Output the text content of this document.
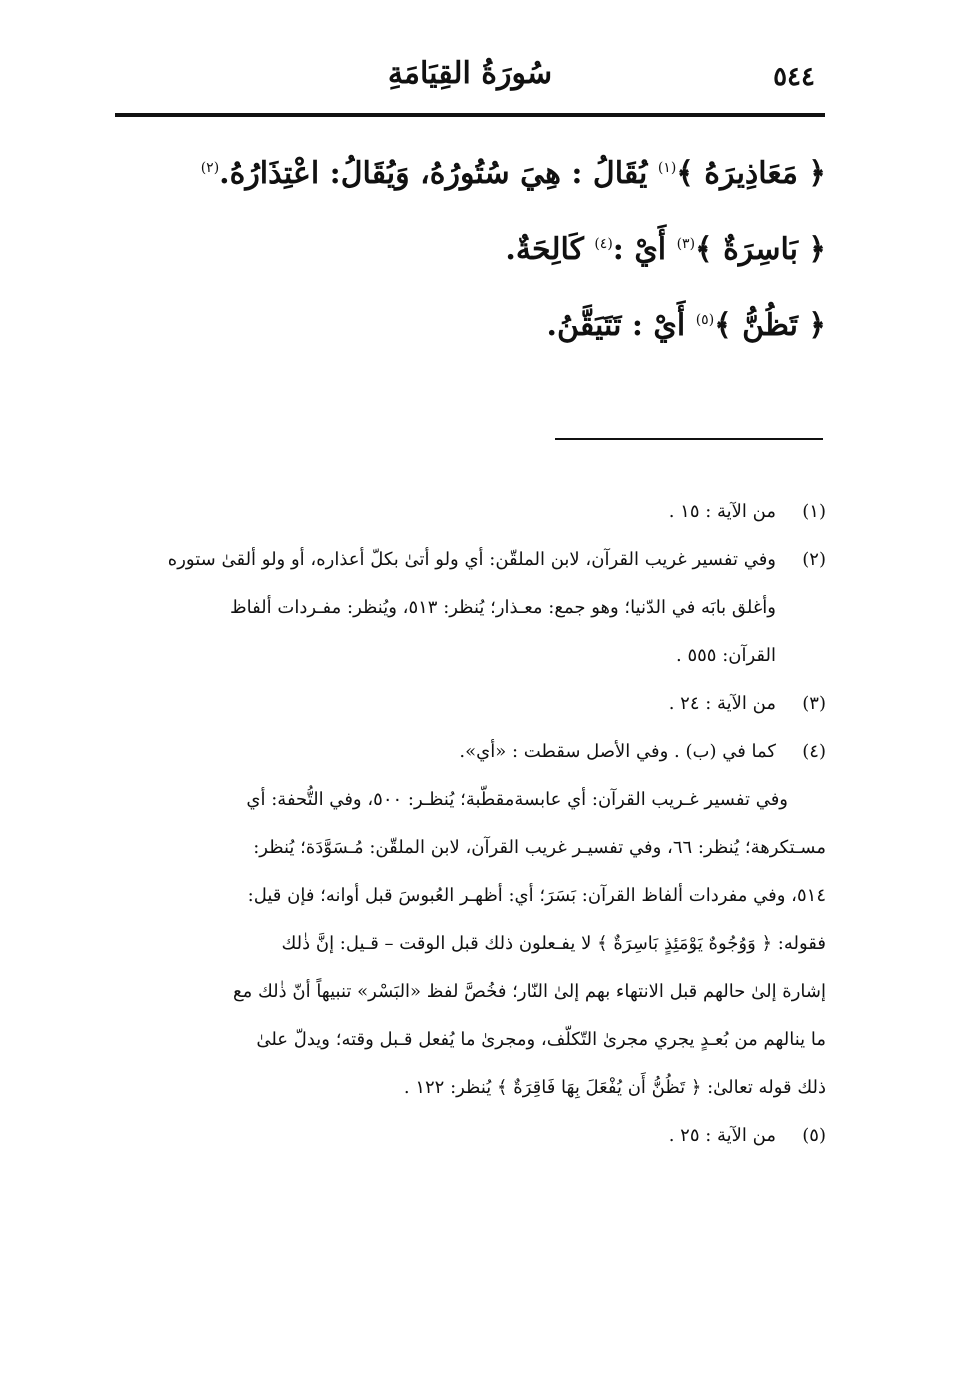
٥٤٤
سُورَةُ القِيَامَةِ
﴿ مَعَاذِيرَهُ ﴾$^{(١)}$ يُقَالُ : هِيَ سُتُورُهُ، وَيُقَالُ: اعْتِذَارُهُ.$^{(٢)}$
﴿ بَاسِرَةٌ ﴾$^{(٣)}$ أَيْ :$^{(٤)}$ كَالِحَةٌ.
﴿ تَظُنُّ ﴾$^{(٥)}$ أَيْ : تَتَيَقَّنُ.
(١)
من الآية : ١٥ .
(٢)
وفي تفسير غريب القرآن، لابن الملقّن: أي ولو أتىٰ بكلّ أعذاره، أو ولو ألقىٰ ستوره
وأغلق بابَه في الدّنيا؛ وهو جمع: معـذار؛ يُنظر: ٥١٣، ويُنظر: مفـردات ألفاظ
القرآن: ٥٥٥ .
(٣)
من الآية : ٢٤ .
(٤)
كما في (ب) . وفي الأصل سقطت : «أي».
وفي تفسير غـريب القرآن: أي عابسةمقطّبة؛ يُنظـر: ٥٠٠، وفي التُّحفة: أي
مسـتكرهة؛ يُنظر: ٦٦، وفي تفسيـر غريب القرآن، لابن الملقّن: مُـسَوَّدَة؛ يُنظر:
٥١٤، وفي مفردات ألفاظ القرآن: بَسَرَ؛ أي: أظهـر العُبوسَ قبل أوانه؛ فإن قيل:
فقوله: ﴿ وَوُجُوهٌ يَوْمَئِذٍ بَاسِرَةٌ ﴾ لا يفـعلون ذلك قبل الوقت – قـيل: إنَّ ذٰلك
إشارة إلىٰ حالهم قبل الانتهاء بهم إلىٰ النّار؛ فخُصَّ لفظ «البَسْر» تنبيهاً أنّ ذٰلك مع
ما ينالهم من بُعـدٍ يجري مجرىٰ التّكلّف، ومجرىٰ ما يُفعل قـبل وقته؛ ويدلّ علىٰ
ذلك قوله تعالىٰ: ﴿ تَظُنُّ أَن يُفْعَلَ بِهَا فَاقِرَةٌ ﴾ يُنظر: ١٢٢ .
(٥)
من الآية : ٢٥ .
